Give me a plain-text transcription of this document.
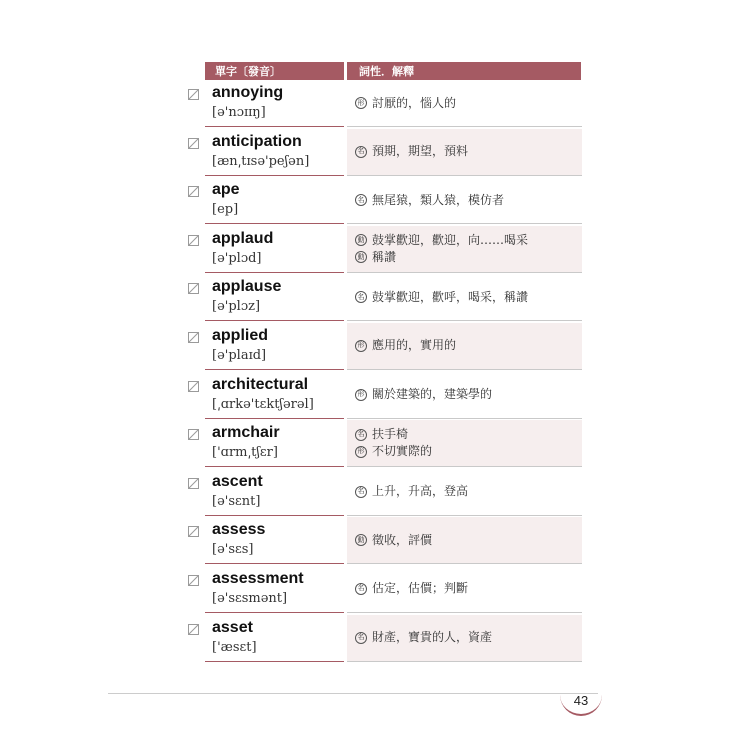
單字〔發音〕	詞性．解釋
annoying
[ə'nɔɪɪŋ]
形 討厭的，惱人的
anticipation
[æn͵tɪsə'peʃən]
名 預期，期望，預料
ape
[ep]
名 無尾猿，類人猿，模仿者
applaud
[ə'plɔd]
動 鼓掌歡迎，歡迎，向……喝采
動 稱讚
applause
[ə'plɔz]
名 鼓掌歡迎，歡呼，喝采，稱讚
applied
[ə'plaɪd]
形 應用的，實用的
architectural
[͵ɑrkə'tɛktʃərəl]
形 關於建築的，建築學的
armchair
['ɑrm͵tʃɛr]
名 扶手椅
形 不切實際的
ascent
[ə'sɛnt]
名 上升，升高，登高
assess
[ə'sɛs]
動 徵收，評價
assessment
[ə'sɛsmənt]
名 估定，估價；判斷
asset
['æsɛt]
名 財產，寶貴的人，資產
43
